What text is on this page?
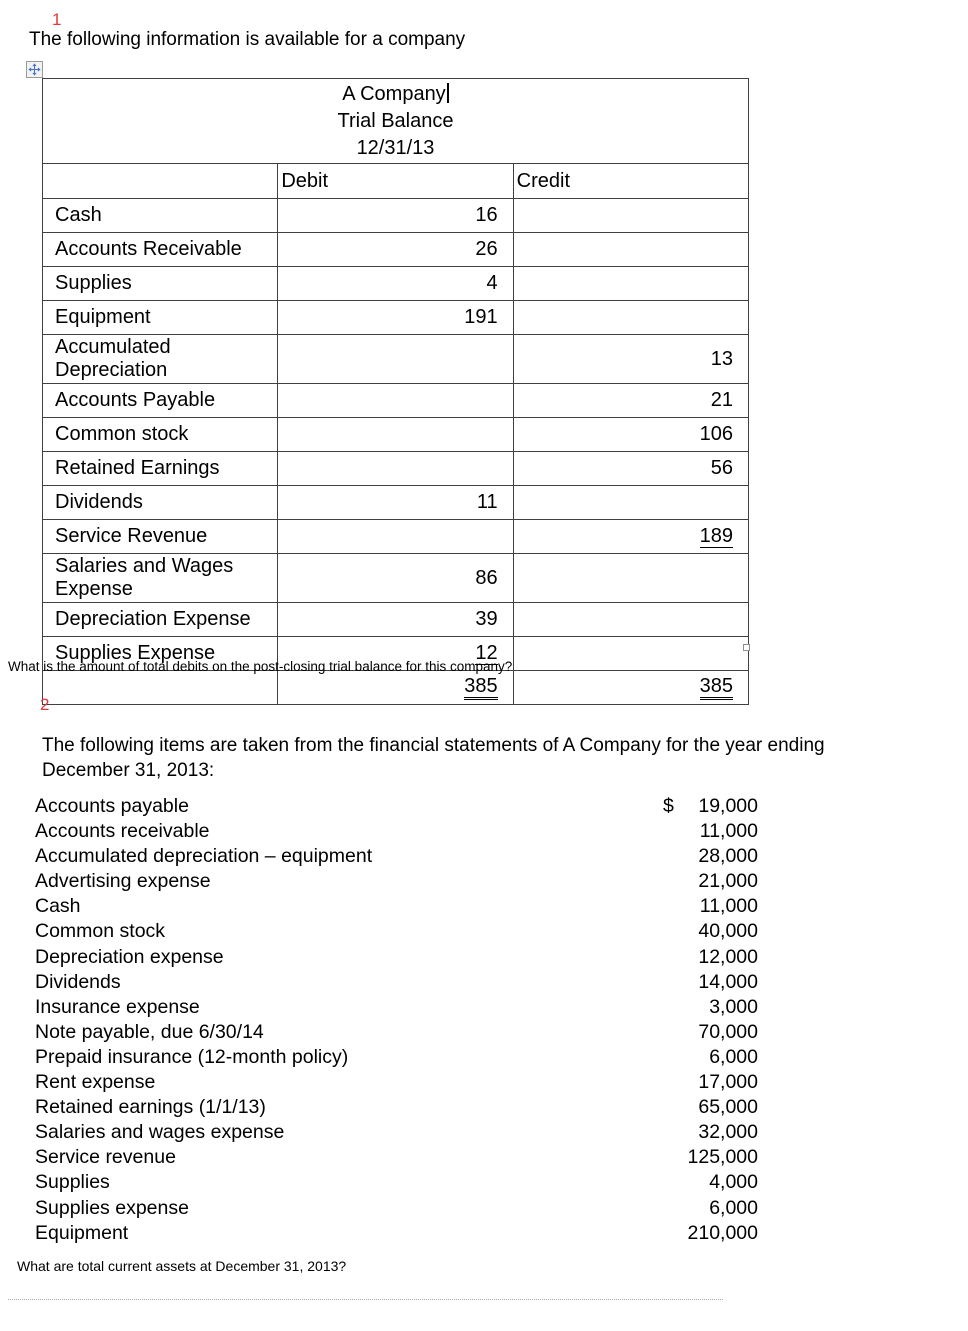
1
The following information is available for a company
A Company
Trial Balance
12/31/13		
	Debit	Credit
Cash	16	
Accounts Receivable	26	
Supplies	4	
Equipment	191	
Accumulated Depreciation		13
Accounts Payable		21
Common stock		106
Retained Earnings		56
Dividends	11	
Service Revenue		189
Salaries and Wages Expense	86	
Depreciation Expense	39	
Supplies Expense	12	
	385	385
What is the amount of total debits on the post-closing trial balance for this company?
2
The following items are taken from the financial statements of A Company for the year ending December 31, 2013:
Accounts payable	$	19,000
Accounts receivable	11,000
Accumulated depreciation – equipment	28,000
Advertising expense	21,000
Cash	11,000
Common stock	40,000
Depreciation expense	12,000
Dividends	14,000
Insurance expense	3,000
Note payable, due 6/30/14	70,000
Prepaid insurance (12-month policy)	6,000
Rent expense	17,000
Retained earnings (1/1/13)	65,000
Salaries and wages expense	32,000
Service revenue	125,000
Supplies	4,000
Supplies expense	6,000
Equipment	210,000
What are total current assets at December 31, 2013?
